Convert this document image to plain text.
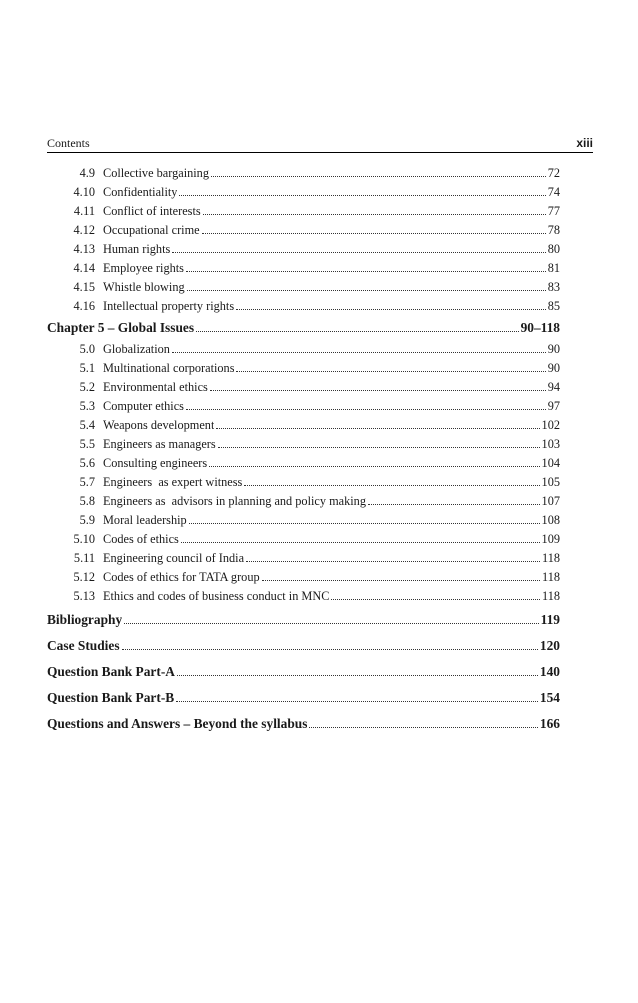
Contents	xiii
4.9 Collective bargaining	72
4.10 Confidentiality	74
4.11 Conflict of interests	77
4.12 Occupational crime	78
4.13 Human rights	80
4.14 Employee rights	81
4.15 Whistle blowing	83
4.16 Intellectual property rights	85
Chapter 5 – Global Issues	90–118
5.0 Globalization	90
5.1 Multinational corporations	90
5.2 Environmental ethics	94
5.3 Computer ethics	97
5.4 Weapons development	102
5.5 Engineers as managers	103
5.6 Consulting engineers	104
5.7 Engineers  as expert witness	105
5.8 Engineers as  advisors in planning and policy making	107
5.9 Moral leadership	108
5.10 Codes of ethics	109
5.11 Engineering council of India	118
5.12 Codes of ethics for TATA group	118
5.13 Ethics and codes of business conduct in MNC	118
Bibliography	119
Case Studies	120
Question Bank Part-A	140
Question Bank Part-B	154
Questions and Answers – Beyond the syllabus	166
